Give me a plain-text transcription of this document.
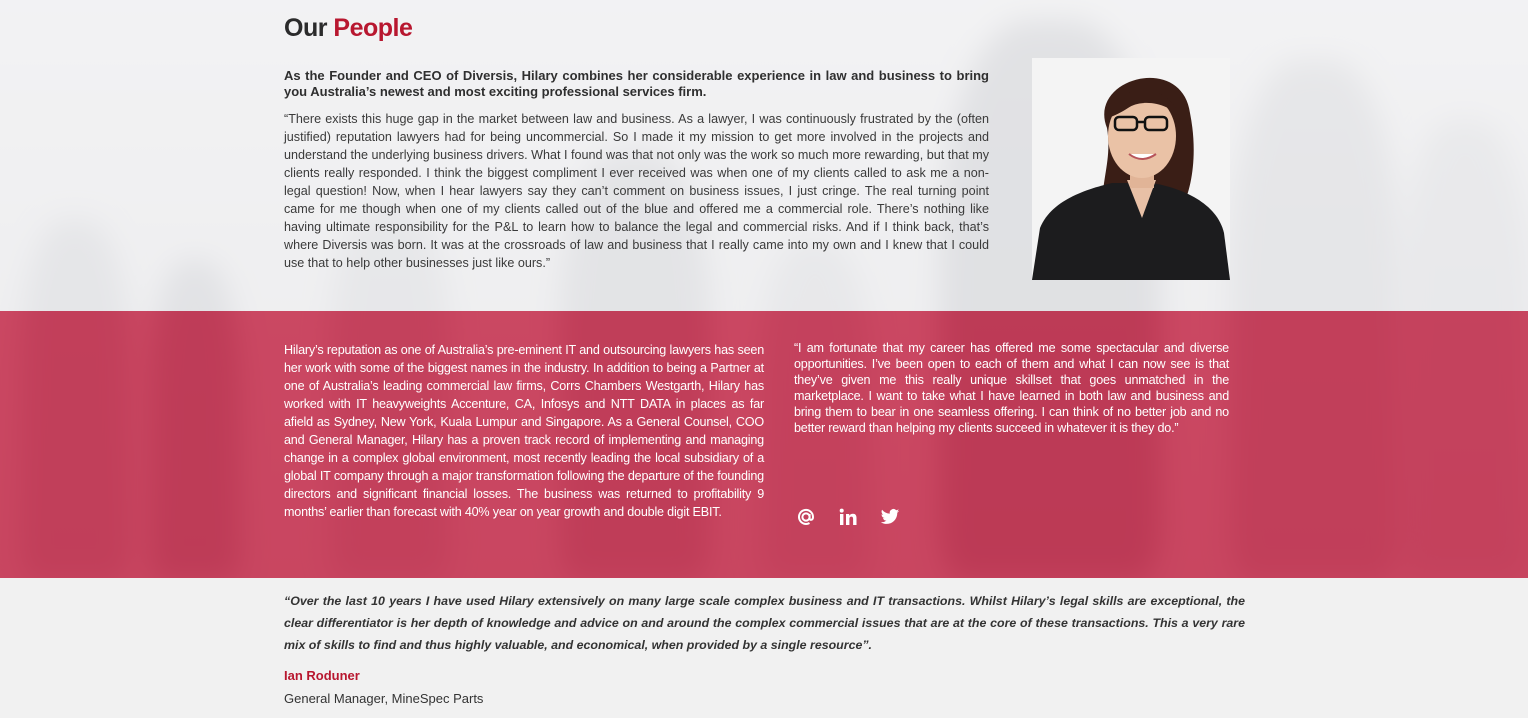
Our People

As the Founder and CEO of Diversis, Hilary combines her considerable experience in law and business to bring you Australia’s newest and most exciting professional services firm.

“There exists this huge gap in the market between law and business. As a lawyer, I was continuously frustrated by the (often justified) reputation lawyers had for being uncommercial. So I made it my mission to get more involved in the projects and understand the underlying business drivers. What I found was that not only was the work so much more rewarding, but that my clients really responded. I think the biggest compliment I ever received was when one of my clients called to ask me a non-legal question! Now, when I hear lawyers say they can’t comment on business issues, I just cringe. The real turning point came for me though when one of my clients called out of the blue and offered me a commercial role. There’s nothing like having ultimate responsibility for the P&L to learn how to balance the legal and commercial risks. And if I think back, that’s where Diversis was born. It was at the crossroads of law and business that I really came into my own and I knew that I could use that to help other businesses just like ours.”

Hilary’s reputation as one of Australia’s pre-eminent IT and outsourcing lawyers has seen her work with some of the biggest names in the industry. In addition to being a Partner at one of Australia’s leading commercial law firms, Corrs Chambers Westgarth, Hilary has worked with IT heavyweights Accenture, CA, Infosys and NTT DATA in places as far afield as Sydney, New York, Kuala Lumpur and Singapore. As a General Counsel, COO and General Manager, Hilary has a proven track record of implementing and managing change in a complex global environment, most recently leading the local subsidiary of a global IT company through a major transformation following the departure of the founding directors and significant financial losses. The business was returned to profitability 9 months’ earlier than forecast with 40% year on year growth and double digit EBIT.

“I am fortunate that my career has offered me some spectacular and diverse opportunities. I’ve been open to each of them and what I can now see is that they’ve given me this really unique skillset that goes unmatched in the marketplace. I want to take what I have learned in both law and business and bring them to bear in one seamless offering. I can think of no better job and no better reward than helping my clients succeed in whatever it is they do.”

“Over the last 10 years I have used Hilary extensively on many large scale complex business and IT transactions. Whilst Hilary’s legal skills are exceptional, the clear differentiator is her depth of knowledge and advice on and around the complex commercial issues that are at the core of these transactions. This a very rare mix of skills to find and thus highly valuable, and economical, when provided by a single resource”.

Ian Roduner

General Manager, MineSpec Parts
